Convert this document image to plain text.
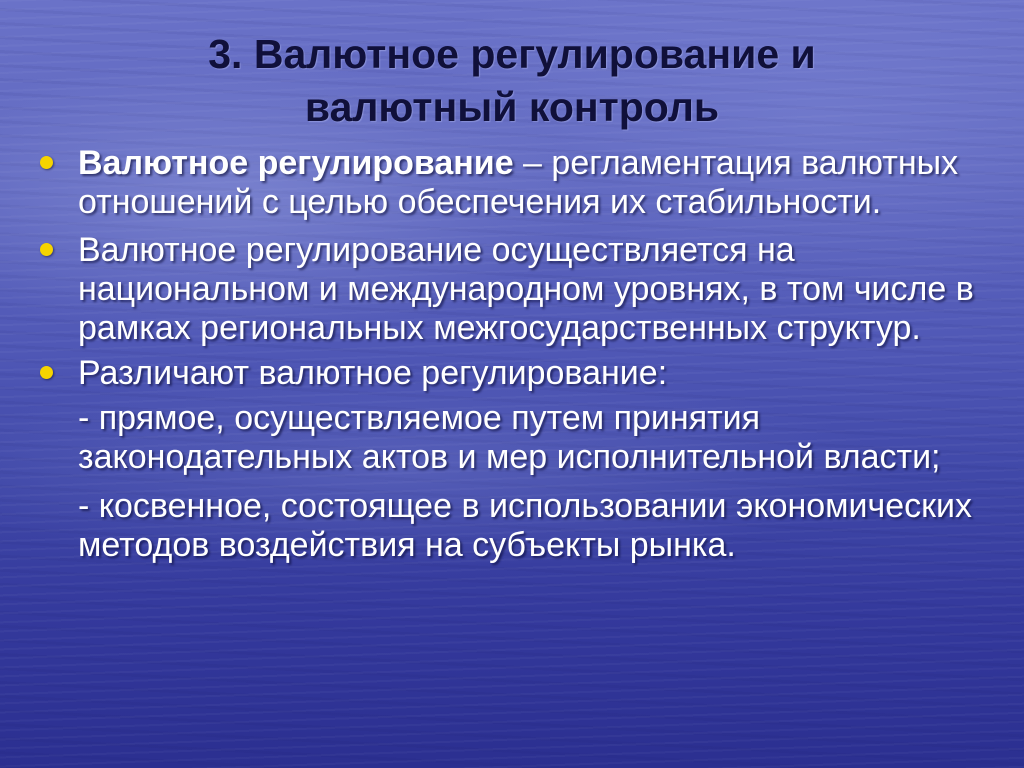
3. Валютное регулирование и
валютный контроль
Валютное регулирование – регламентация валютных отношений с целью обеспечения их стабильности.
Валютное регулирование осуществляется на национальном и международном уровнях, в том числе в рамках региональных межгосударственных структур.
Различают валютное регулирование:
- прямое, осуществляемое путем принятия законодательных актов и мер исполнительной власти;
- косвенное, состоящее в использовании экономических методов воздействия на субъекты рынка.
